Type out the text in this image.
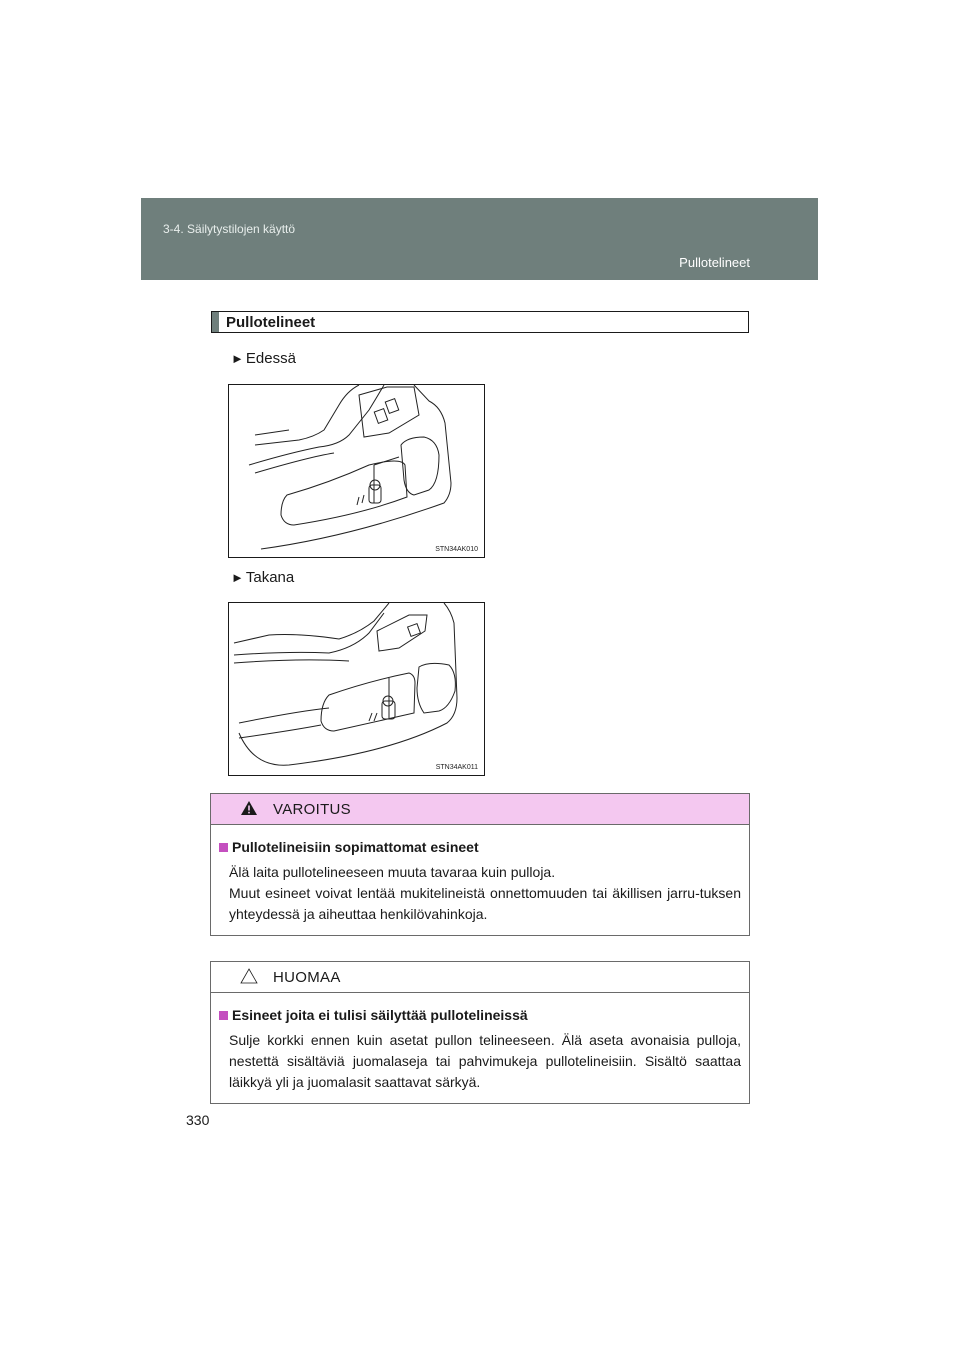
3-4. Säilytystilojen käyttö
Pullotelineet
Pullotelineet
► Edessä
STN34AK010
► Takana
STN34AK011
VAROITUS
Pullotelineisiin sopimattomat esineet
Älä laita pullotelineeseen muuta tavaraa kuin pulloja.
Muut esineet voivat lentää mukitelineistä onnettomuuden tai äkillisen jarru-tuksen yhteydessä ja aiheuttaa henkilövahinkoja.
HUOMAA
Esineet joita ei tulisi säilyttää pullotelineissä
Sulje korkki ennen kuin asetat pullon telineeseen. Älä aseta avonaisia pulloja, nestettä sisältäviä juomalaseja tai pahvimukeja pullotelineisiin. Sisältö saattaa läikkyä yli ja juomalasit saattavat särkyä.
330
